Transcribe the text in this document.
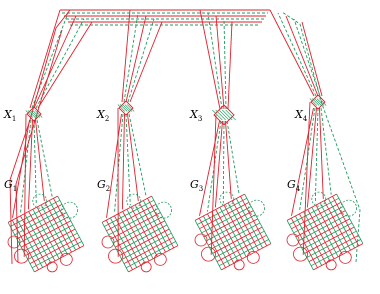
$X_1$	$X_2$	$X_3$	$X_4$
$G_1$	$G_2$	$G_3$	$G_4$
